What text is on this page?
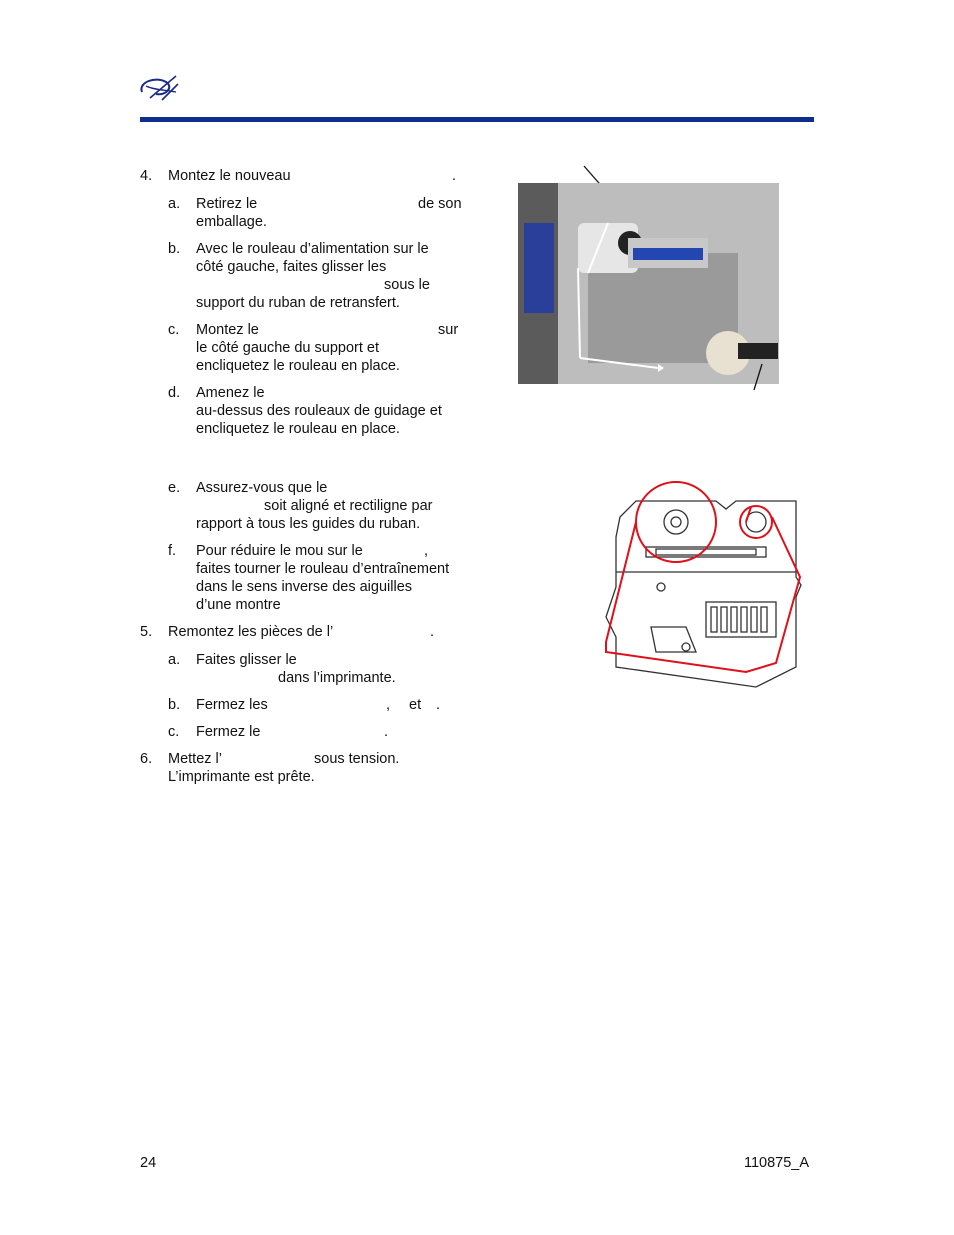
4. Montez le nouveau	.
a. Retirez le	de son
emballage.
b. Avec le rouleau d’alimentation sur le
côté gauche, faites glisser les
sous le
support du ruban de retransfert.
c. Montez le	sur
le côté gauche du support et
encliquetez le rouleau en place.
d. Amenez le
au-dessus des rouleaux de guidage et
encliquetez le rouleau en place.
e. Assurez-vous que le
soit aligné et rectiligne par
rapport à tous les guides du ruban.
f. Pour réduire le mou sur le	,
faites tourner le rouleau d’entraînement
dans le sens inverse des aiguilles
d’une montre
5. Remontez les pièces de l’	.
a. Faites glisser le
dans l’imprimante.
b. Fermez les	, et .
c. Fermez le	.
6. Mettez l’	sous tension.
L’imprimante est prête.
24	110875_A
